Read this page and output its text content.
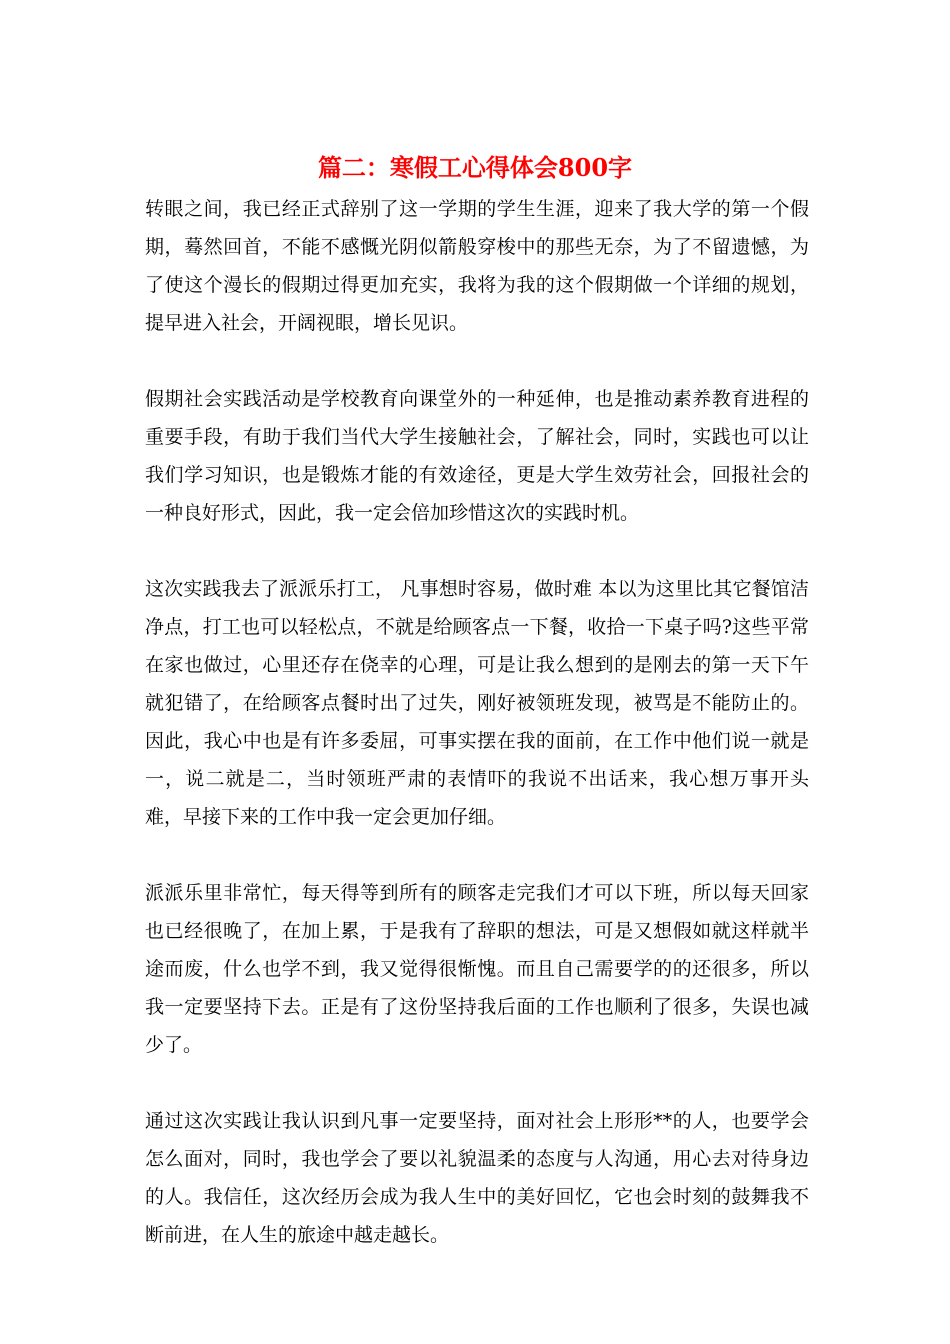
篇二：寒假工心得体会800字

转眼之间，我已经正式辞别了这一学期的学生生涯，迎来了我大学的第一个假期，蓦然回首，不能不感慨光阴似箭般穿梭中的那些无奈，为了不留遗憾，为了使这个漫长的假期过得更加充实，我将为我的这个假期做一个详细的规划，提早进入社会，开阔视眼，增长见识。

假期社会实践活动是学校教育向课堂外的一种延伸，也是推动素养教育进程的重要手段，有助于我们当代大学生接触社会，了解社会，同时，实践也可以让我们学习知识，也是锻炼才能的有效途径，更是大学生效劳社会，回报社会的一种良好形式，因此，我一定会倍加珍惜这次的实践时机。

这次实践我去了派派乐打工， 凡事想时容易，做时难 本以为这里比其它餐馆洁净点，打工也可以轻松点，不就是给顾客点一下餐，收拾一下桌子吗?这些平常在家也做过，心里还存在侥幸的心理，可是让我么想到的是刚去的第一天下午就犯错了，在给顾客点餐时出了过失，刚好被领班发现，被骂是不能防止的。因此，我心中也是有许多委屈，可事实摆在我的面前，在工作中他们说一就是一，说二就是二，当时领班严肃的表情吓的我说不出话来，我心想万事开头难，早接下来的工作中我一定会更加仔细。

派派乐里非常忙，每天得等到所有的顾客走完我们才可以下班，所以每天回家也已经很晚了，在加上累，于是我有了辞职的想法，可是又想假如就这样就半途而废，什么也学不到，我又觉得很惭愧。而且自己需要学的的还很多，所以我一定要坚持下去。正是有了这份坚持我后面的工作也顺利了很多，失误也减少了。

通过这次实践让我认识到凡事一定要坚持，面对社会上形形**的人，也要学会怎么面对，同时，我也学会了要以礼貌温柔的态度与人沟通，用心去对待身边的人。我信任，这次经历会成为我人生中的美好回忆，它也会时刻的鼓舞我不断前进，在人生的旅途中越走越长。
